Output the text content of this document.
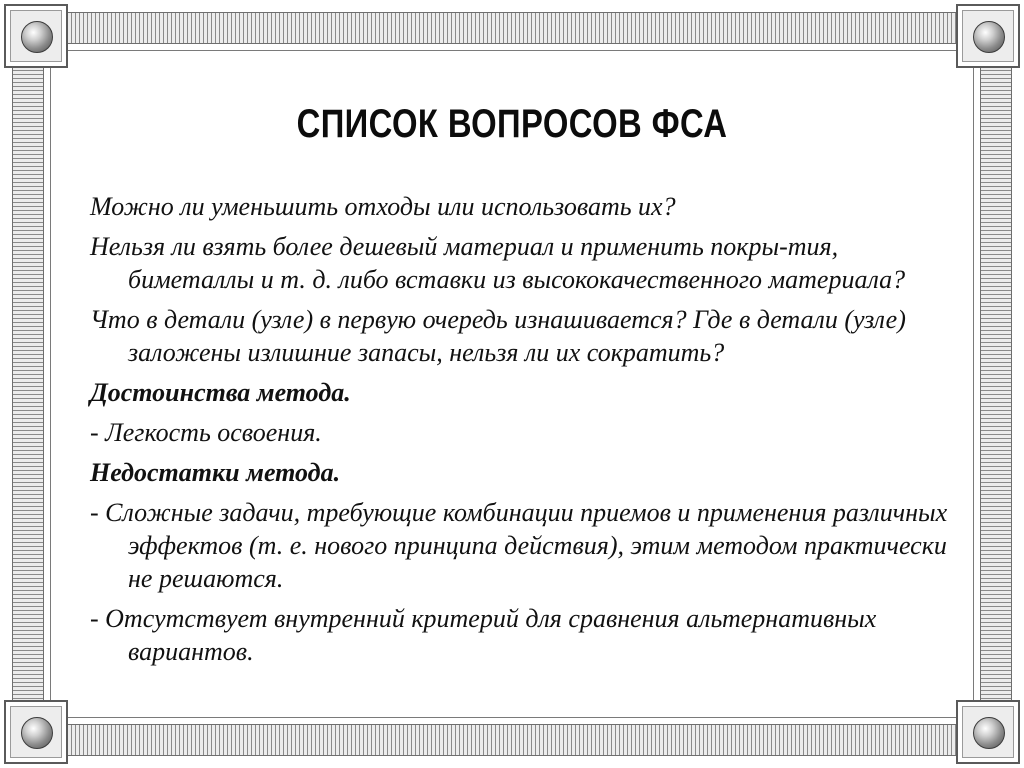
СПИСОК ВОПРОСОВ ФСА

Можно ли уменьшить отходы или использовать их?

Нельзя ли взять более дешевый материал и применить покры-тия, биметаллы и т. д. либо вставки из высококачественного материала?

Что в детали (узле) в первую очередь изнашивается? Где в детали (узле) заложены излишние запасы, нельзя ли их сократить?

Достоинства метода.

- Легкость освоения.

Недостатки метода.

- Сложные задачи, требующие комбинации приемов и применения различных эффектов (т. е. нового принципа действия), этим методом практически не решаются.

- Отсутствует внутренний критерий для сравнения альтернативных вариантов.
